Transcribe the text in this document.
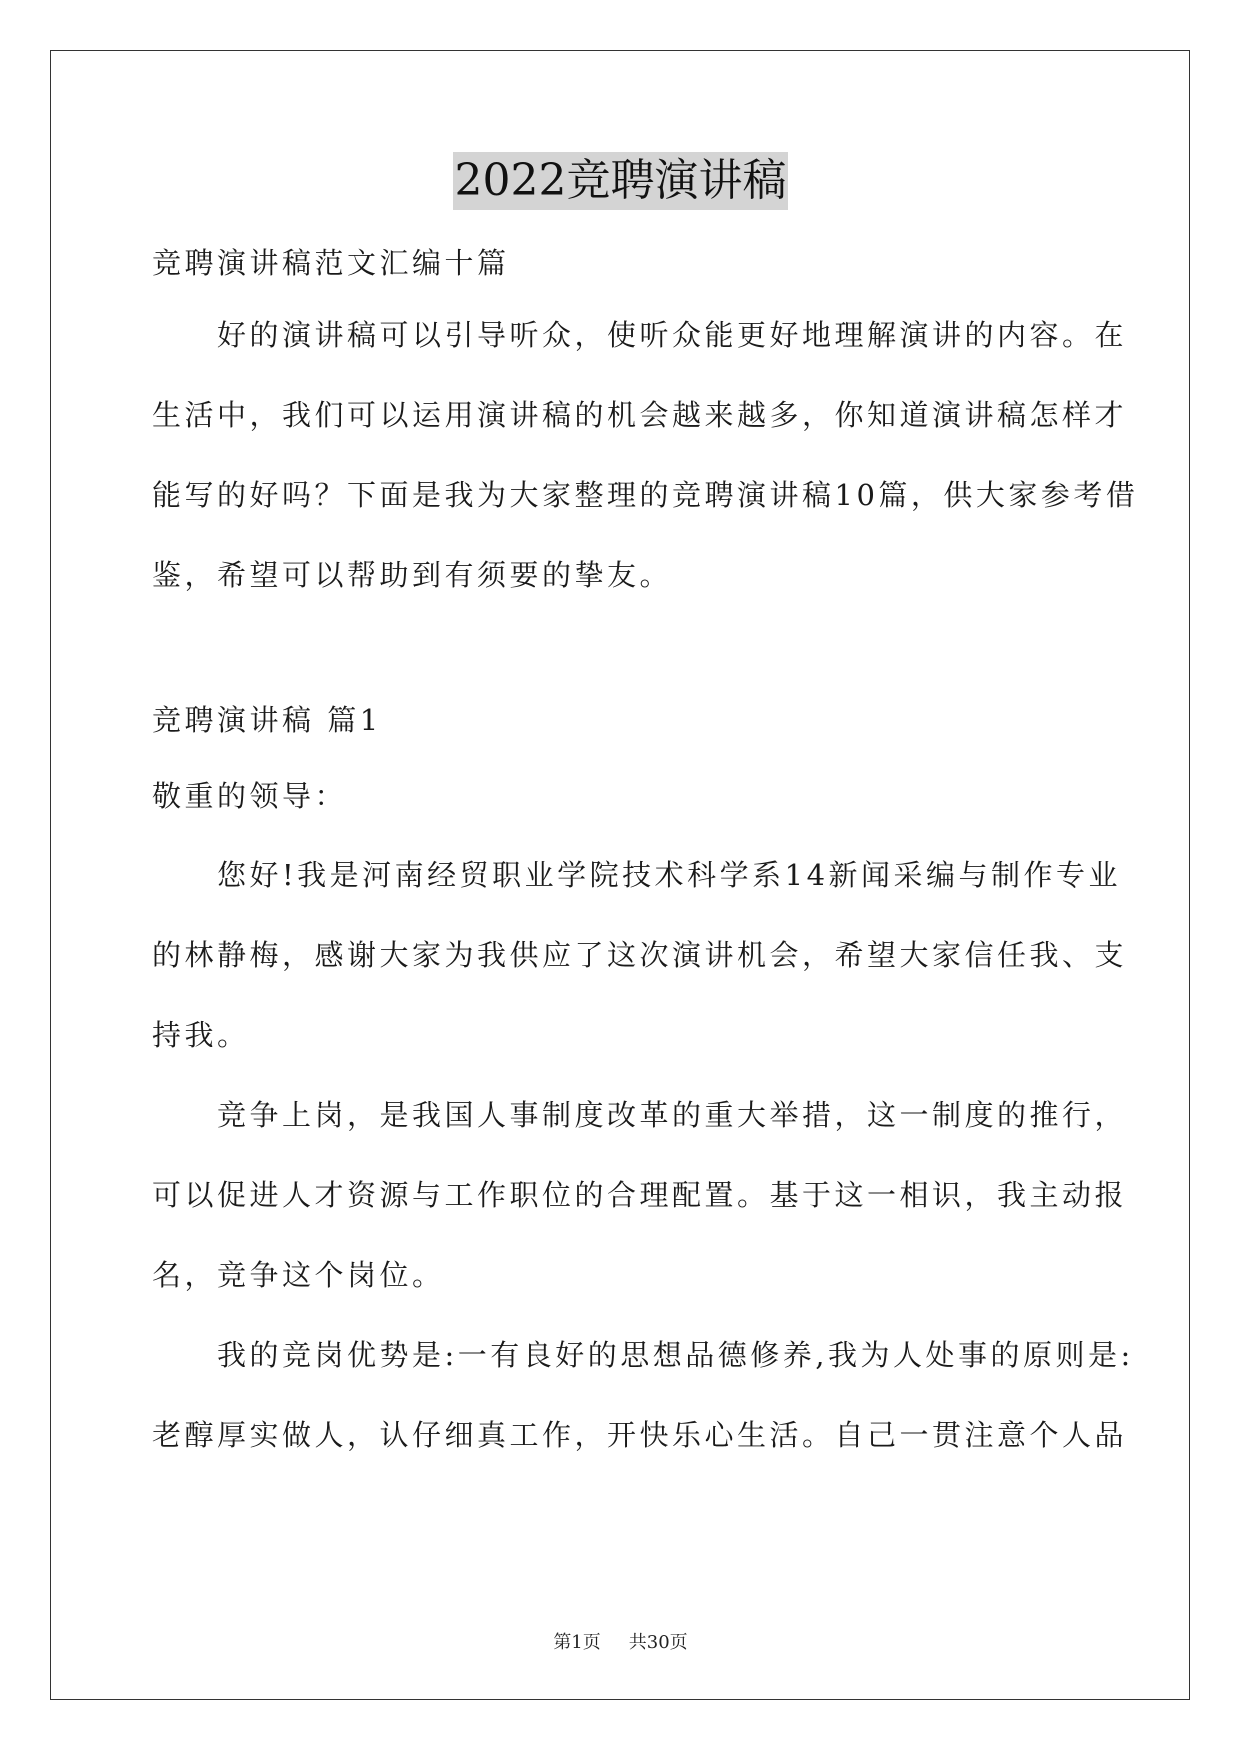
2022竞聘演讲稿
竞聘演讲稿范文汇编十篇
　　好的演讲稿可以引导听众，使听众能更好地理解演讲的内容。在
生活中，我们可以运用演讲稿的机会越来越多，你知道演讲稿怎样才
能写的好吗？下面是我为大家整理的竞聘演讲稿10篇，供大家参考借
鉴，希望可以帮助到有须要的挚友。
竞聘演讲稿 篇1
敬重的领导：
　　您好!我是河南经贸职业学院技术科学系14新闻采编与制作专业
的林静梅，感谢大家为我供应了这次演讲机会，希望大家信任我、支
持我。
　　竞争上岗，是我国人事制度改革的重大举措，这一制度的推行，
可以促进人才资源与工作职位的合理配置。基于这一相识，我主动报
名，竞争这个岗位。
　　我的竞岗优势是:一有良好的思想品德修养,我为人处事的原则是:
老醇厚实做人，认仔细真工作，开快乐心生活。自己一贯注意个人品
第1页 共30页
